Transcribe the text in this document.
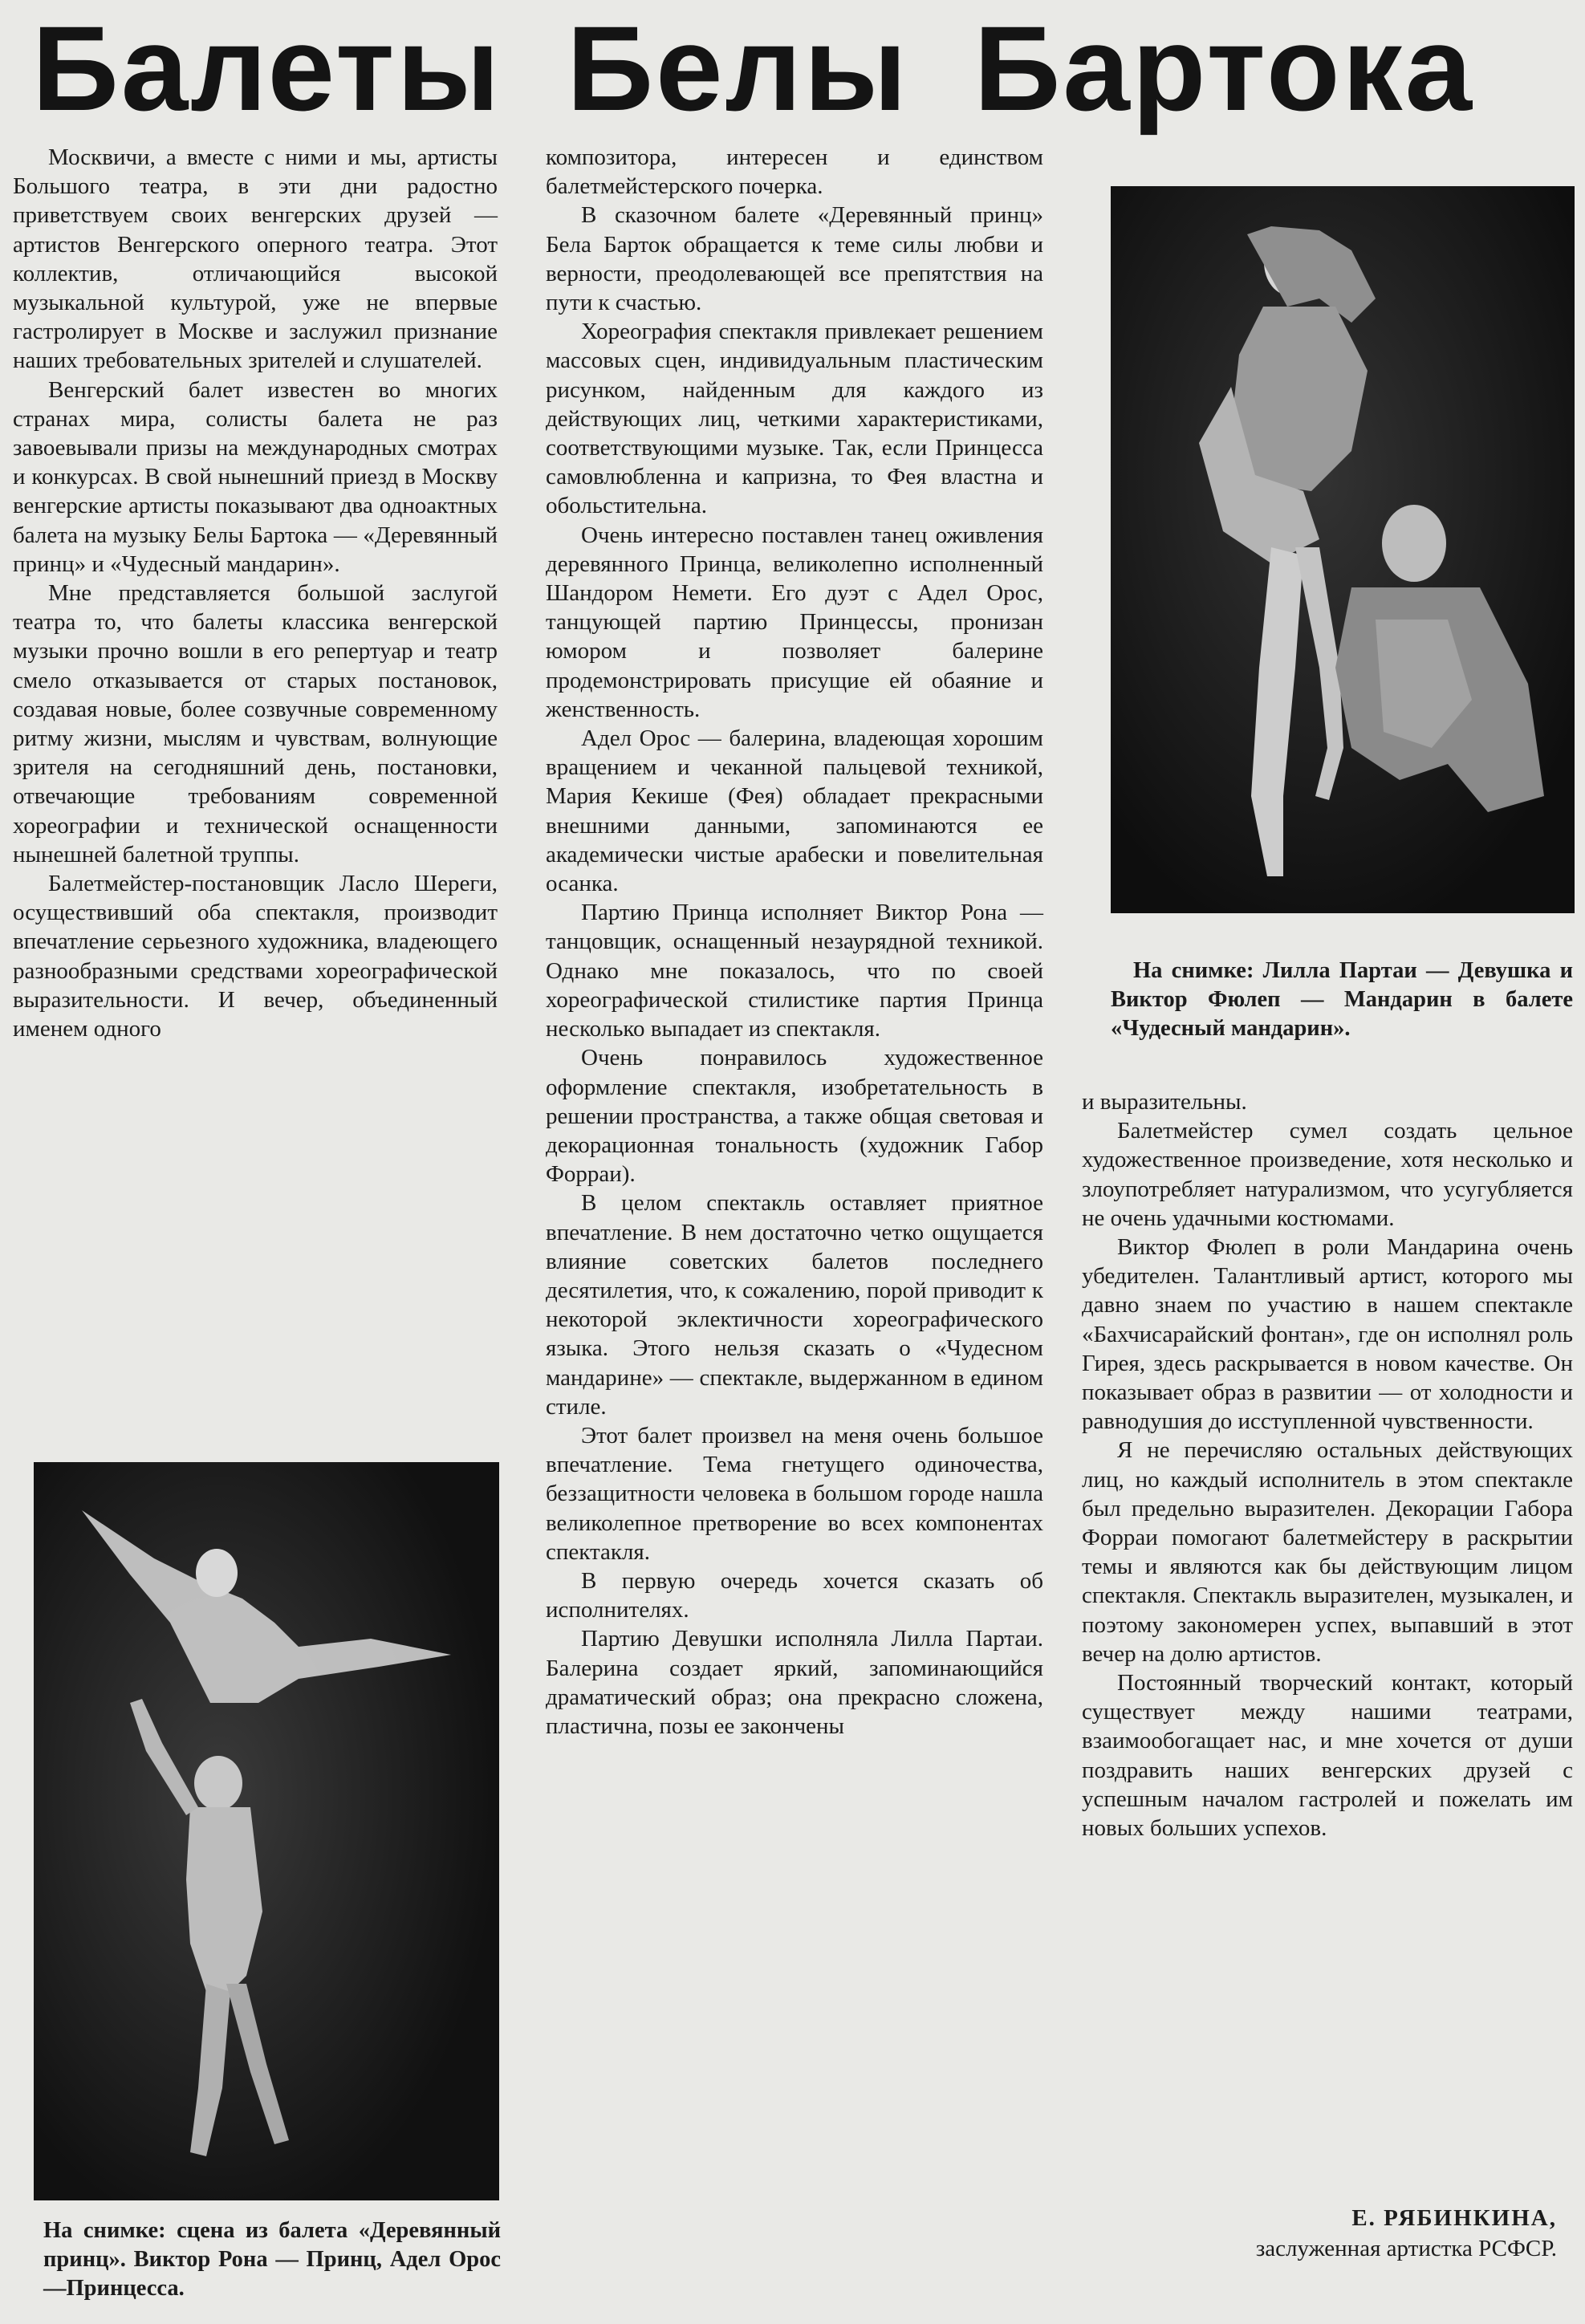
Балеты Белы Бартока

Москвичи, а вместе с ними и мы, артисты Большого театра, в эти дни радостно приветствуем своих венгерских друзей — артистов Венгерского оперного театра. Этот коллектив, отличающийся высокой музыкальной культурой, уже не впервые гастролирует в Москве и заслужил признание наших требовательных зрителей и слушателей.

Венгерский балет известен во многих странах мира, солисты балета не раз завоевывали призы на международных смотрах и конкурсах. В свой нынешний приезд в Москву венгерские артисты показывают два одноактных балета на музыку Белы Бартока — «Деревянный принц» и «Чудесный мандарин».

Мне представляется большой заслугой театра то, что балеты классика венгерской музыки прочно вошли в его репертуар и театр смело отказывается от старых постановок, создавая новые, более созвучные современному ритму жизни, мыслям и чувствам, волнующие зрителя на сегодняшний день, постановки, отвечающие требованиям современной хореографии и технической оснащенности нынешней балетной труппы.

Балетмейстер-постановщик Ласло Шереги, осуществивший оба спектакля, производит впечатление серьезного художника, владеющего разнообразными средствами хореографической выразительности. И вечер, объединенный именем одного

На снимке: сцена из балета «Деревянный принц». Виктор Рона — Принц, Адел Орос—Принцесса.

композитора, интересен и единством балетмейстерского почерка.

В сказочном балете «Деревянный принц» Бела Барток обращается к теме силы любви и верности, преодолевающей все препятствия на пути к счастью.

Хореография спектакля привлекает решением массовых сцен, индивидуальным пластическим рисунком, найденным для каждого из действующих лиц, четкими характеристиками, соответствующими музыке. Так, если Принцесса самовлюбленна и капризна, то Фея властна и обольстительна.

Очень интересно поставлен танец оживления деревянного Принца, великолепно исполненный Шандором Немети. Его дуэт с Адел Орос, танцующей партию Принцессы, пронизан юмором и позволяет балерине продемонстрировать присущие ей обаяние и женственность.

Адел Орос — балерина, владеющая хорошим вращением и чеканной пальцевой техникой, Мария Кекише (Фея) обладает прекрасными внешними данными, запоминаются ее академически чистые арабески и повелительная осанка.

Партию Принца исполняет Виктор Рона — танцовщик, оснащенный незаурядной техникой. Однако мне показалось, что по своей хореографической стилистике партия Принца несколько выпадает из спектакля.

Очень понравилось художественное оформление спектакля, изобретательность в решении пространства, а также общая световая и декорационная тональность (художник Габор Форраи).

В целом спектакль оставляет приятное впечатление. В нем достаточно четко ощущается влияние советских балетов последнего десятилетия, что, к сожалению, порой приводит к некоторой эклектичности хореографического языка. Этого нельзя сказать о «Чудесном мандарине» — спектакле, выдержанном в едином стиле.

Этот балет произвел на меня очень большое впечатление. Тема гнетущего одиночества, беззащитности человека в большом городе нашла великолепное претворение во всех компонентах спектакля.

В первую очередь хочется сказать об исполнителях.

Партию Девушки исполняла Лилла Партаи. Балерина создает яркий, запоминающийся драматический образ; она прекрасно сложена, пластична, позы ее закончены

На снимке: Лилла Партаи — Девушка и Виктор Фюлеп — Мандарин в балете «Чудесный мандарин».

и выразительны.

Балетмейстер сумел создать цельное художественное произведение, хотя несколько и злоупотребляет натурализмом, что усугубляется не очень удачными костюмами.

Виктор Фюлеп в роли Мандарина очень убедителен. Талантливый артист, которого мы давно знаем по участию в нашем спектакле «Бахчисарайский фонтан», где он исполнял роль Гирея, здесь раскрывается в новом качестве. Он показывает образ в развитии — от холодности и равнодушия до исступленной чувственности.

Я не перечисляю остальных действующих лиц, но каждый исполнитель в этом спектакле был предельно выразителен. Декорации Габора Форраи помогают балетмейстеру в раскрытии темы и являются как бы действующим лицом спектакля. Спектакль выразителен, музыкален, и поэтому закономерен успех, выпавший в этот вечер на долю артистов.

Постоянный творческий контакт, который существует между нашими театрами, взаимообогащает нас, и мне хочется от души поздравить наших венгерских друзей с успешным началом гастролей и пожелать им новых больших успехов.

Е. РЯБИНКИНА,
заслуженная артистка РСФСР.
